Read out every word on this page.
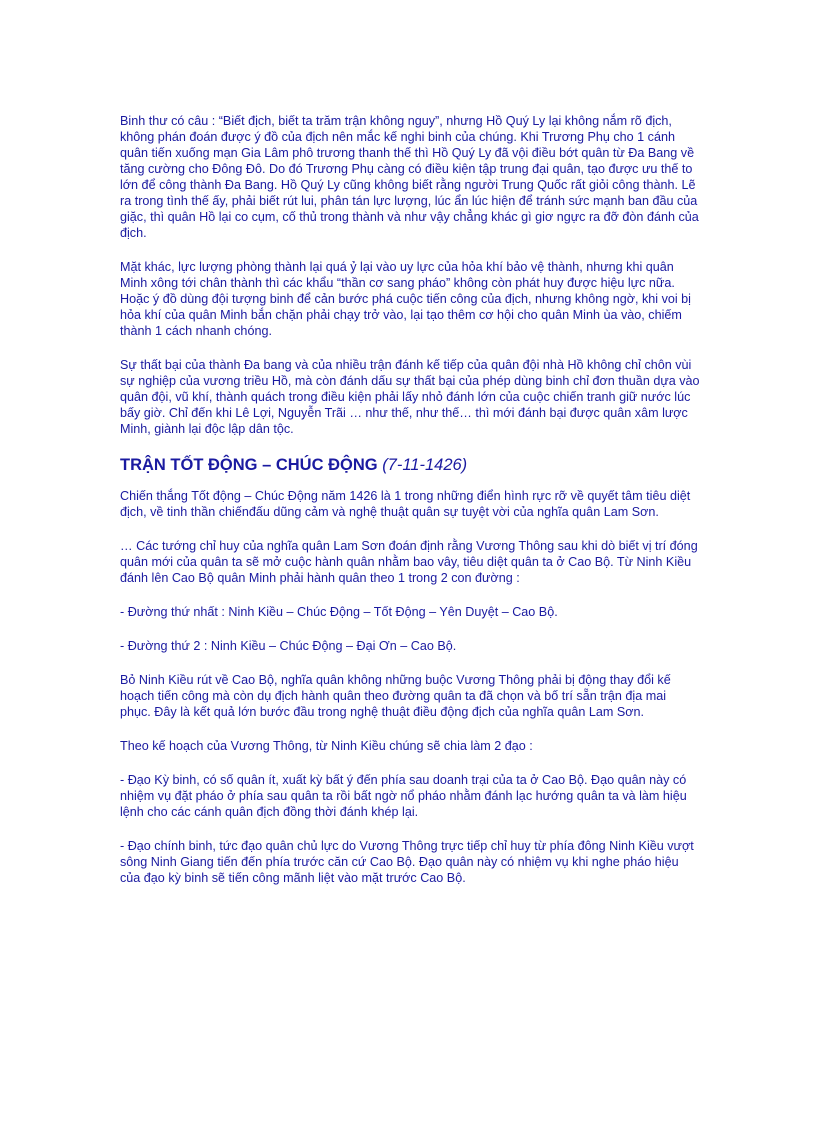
Binh thư có câu : “Biết địch, biết ta trăm trận không nguy”, nhưng Hồ Quý Ly lại không nắm rõ địch, không phán đoán được ý đồ của địch nên mắc kế nghi binh của chúng. Khi Trương Phụ cho 1 cánh quân tiến xuống mạn Gia Lâm phô trương thanh thế thì Hồ Quý Ly đã vội điều bớt quân từ Đa Bang về tăng cường cho Đông Đô. Do đó Trương Phụ càng có điều kiện tập trung đại quân, tạo được ưu thế to lớn để công thành Đa Bang. Hồ Quý Ly cũng không biết rằng người Trung Quốc rất giỏi công thành. Lẽ ra trong tình thế ấy, phải biết rút lui, phân tán lực lượng, lúc ẩn lúc hiện để tránh sức mạnh ban đầu của giặc, thì quân Hồ lại co cụm, cố thủ trong thành và như vậy chẳng khác gì giơ ngực ra đỡ đòn đánh của địch.

Mặt khác, lực lượng phòng thành lại quá ỷ lại vào uy lực của hỏa khí bảo vệ thành, nhưng khi quân Minh xông tới chân thành thì các khẩu “thần cơ sang pháo” không còn phát huy được hiệu lực nữa. Hoặc ý đồ dùng đội tượng binh để cản bước phá cuộc tiến công của địch, nhưng không ngờ, khi voi bị hỏa khí của quân Minh bắn chặn phải chạy trở vào, lại tạo thêm cơ hội cho quân Minh ùa vào, chiếm thành 1 cách nhanh chóng.

Sự thất bại của thành Đa bang và của nhiều trận đánh kế tiếp của quân đội nhà Hồ không chỉ chôn vùi sự nghiệp của vương triều Hồ, mà còn đánh dấu sự thất bại của phép dùng binh chỉ đơn thuần dựa vào quân đội, vũ khí, thành quách trong điều kiện phải lấy nhỏ đánh lớn của cuộc chiến tranh giữ nước lúc bấy giờ. Chỉ đến khi Lê Lợi, Nguyễn Trãi … như thế, như thế… thì mới đánh bại được quân xâm lược Minh, giành lại độc lập dân tộc.

TRẬN TỐT ĐỘNG – CHÚC ĐỘNG (7-11-1426)

Chiến thắng Tốt động – Chúc Động năm 1426 là 1 trong những điển hình rực rỡ về quyết tâm tiêu diệt địch, về tinh thần chiếnđấu dũng cảm và nghệ thuật quân sự tuyệt vời của nghĩa quân Lam Sơn.

… Các tướng chỉ huy của nghĩa quân Lam Sơn đoán định rằng Vương Thông sau khi dò biết vị trí đóng quân mới của quân ta sẽ mở cuộc hành quân nhằm bao vây, tiêu diệt quân ta ở Cao Bộ. Từ Ninh Kiều đánh lên Cao Bộ quân Minh phải hành quân theo 1 trong 2 con đường :

- Đường thứ nhất : Ninh Kiều – Chúc Động – Tốt Động – Yên Duyệt – Cao Bộ.

- Đường thứ 2 : Ninh Kiều – Chúc Động – Đại Ơn – Cao Bộ.

Bỏ Ninh Kiều rút về Cao Bộ, nghĩa quân không những buộc Vương Thông phải bị động thay đổi kế hoạch tiến công mà còn dụ địch hành quân theo đường quân ta đã chọn và bố trí sẵn trận địa mai phục. Đây là kết quả lớn bước đầu trong nghệ thuật điều động địch của nghĩa quân Lam Sơn.

Theo kế hoạch của Vương Thông, từ Ninh Kiều chúng sẽ chia làm 2 đạo :

- Đạo Kỳ binh, có số quân ít, xuất kỳ bất ý đến phía sau doanh trại của ta ở Cao Bộ. Đạo quân này có nhiệm vụ đặt pháo ở phía sau quân ta rồi bất ngờ nổ pháo nhằm đánh lạc hướng quân ta và làm hiệu lệnh cho các cánh quân địch đồng thời đánh khép lại.

- Đạo chính binh, tức đạo quân chủ lực do Vương Thông trực tiếp chỉ huy từ phía đông Ninh Kiều vượt sông Ninh Giang tiến đến phía trước căn cứ Cao Bộ. Đạo quân này có nhiệm vụ khi nghe pháo hiệu của đạo kỳ binh sẽ tiến công mãnh liệt vào mặt trước Cao Bộ.
